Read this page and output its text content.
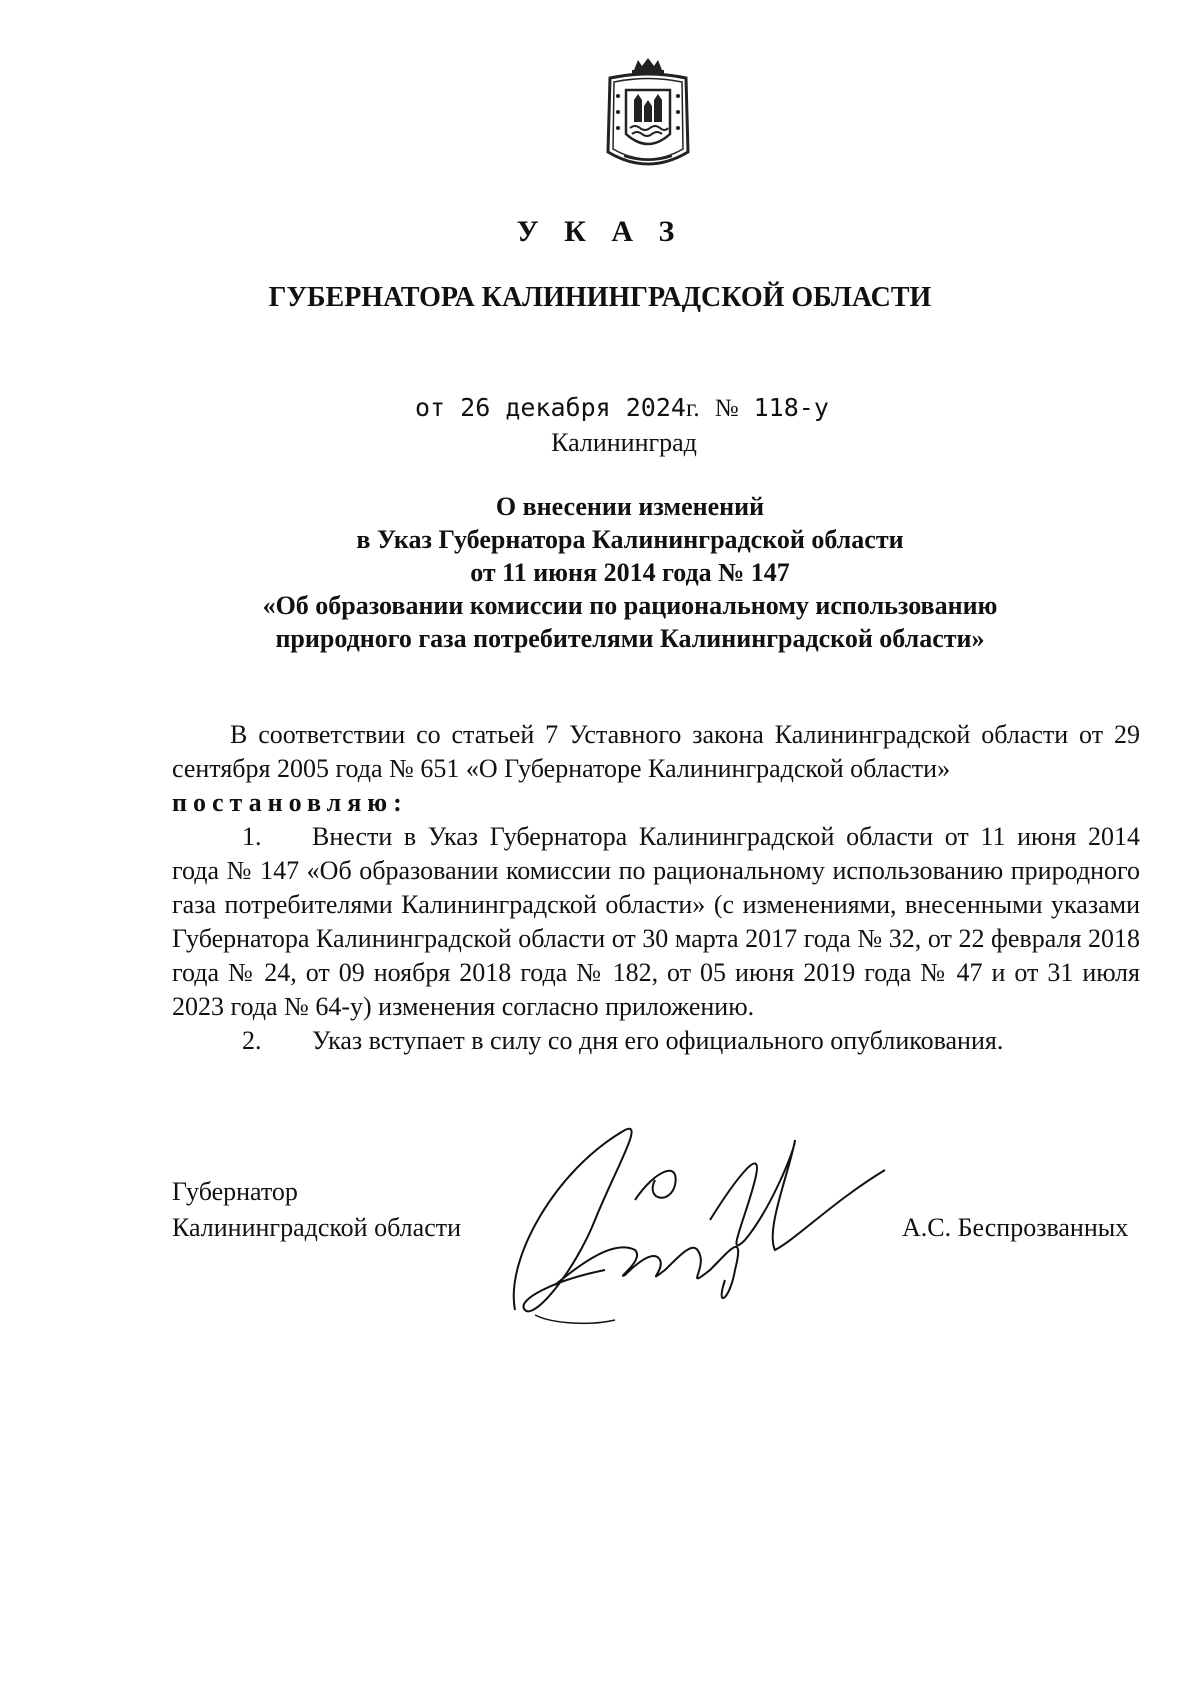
У К А З
ГУБЕРНАТОРА КАЛИНИНГРАДСКОЙ ОБЛАСТИ
от 26 декабря 2024г. № 118-у
Калининград
О внесении изменений
в Указ Губернатора Калининградской области
от 11 июня 2014 года № 147
«Об образовании комиссии по рациональному использованию
природного газа потребителями Калининградской области»

В соответствии со статьей 7 Уставного закона Калининградской области от 29 сентября 2005 года № 651 «О Губернаторе Калининградской области»

постановляю:

1. Внести в Указ Губернатора Калининградской области от 11 июня 2014 года № 147 «Об образовании комиссии по рациональному использованию природного газа потребителями Калининградской области» (с изменениями, внесенными указами Губернатора Калининградской области от 30 марта 2017 года № 32, от 22 февраля 2018 года № 24, от 09 ноября 2018 года № 182, от 05 июня 2019 года № 47 и от 31 июля 2023 года № 64-у) изменения согласно приложению.

2. Указ вступает в силу со дня его официального опубликования.

Губернатор
Калининградской области	А.С. Беспрозванных
